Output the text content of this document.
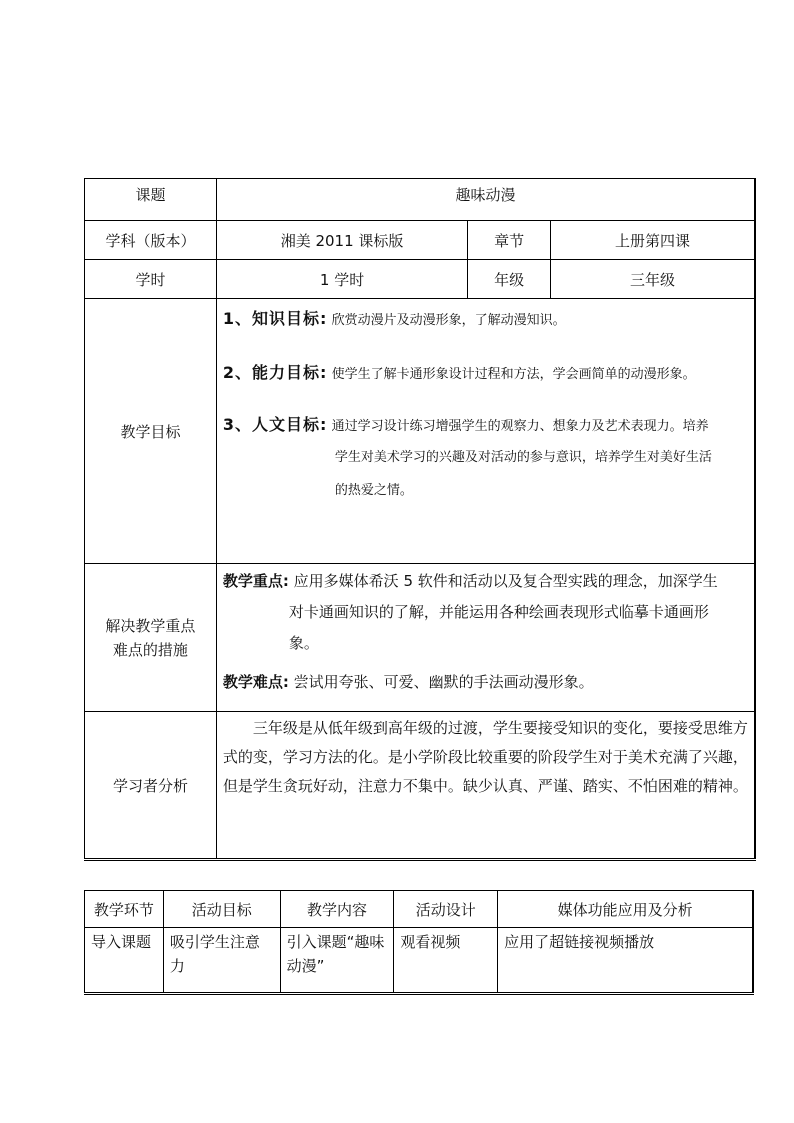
课题	趣味动漫		
学科（版本）	湘美 2011 课标版	章节	上册第四课
学时	1 学时	年级	三年级
教学目标	1、知识目标: 欣赏动漫片及动漫形象，了解动漫知识。
2、能力目标: 使学生了解卡通形象设计过程和方法，学会画简单的动漫形象。
3、人文目标: 通过学习设计练习增强学生的观察力、想象力及艺术表现力。培养
学生对美术学习的兴趣及对活动的参与意识，培养学生对美好生活
的热爱之情。		

解决教学重点难点的措施	教学重点: 应用多媒体希沃 5 软件和活动以及复合型实践的理念，加深学生
对卡通画知识的了解，并能运用各种绘画表现形式临摹卡通画形
象。
教学难点: 尝试用夸张、可爱、幽默的手法画动漫形象。		

学习者分析	三年级是从低年级到高年级的过渡，学生要接受知识的变化，要接受思维方式的变，学习方法的化。是小学阶段比较重要的阶段学生对于美术充满了兴趣，但是学生贪玩好动，注意力不集中。缺少认真、严谨、踏实、不怕困难的精神。		
教学环节	活动目标	教学内容	活动设计	媒体功能应用及分析
导入课题	吸引学生注意力	引入课题“趣味动漫”	观看视频	应用了超链接视频播放
